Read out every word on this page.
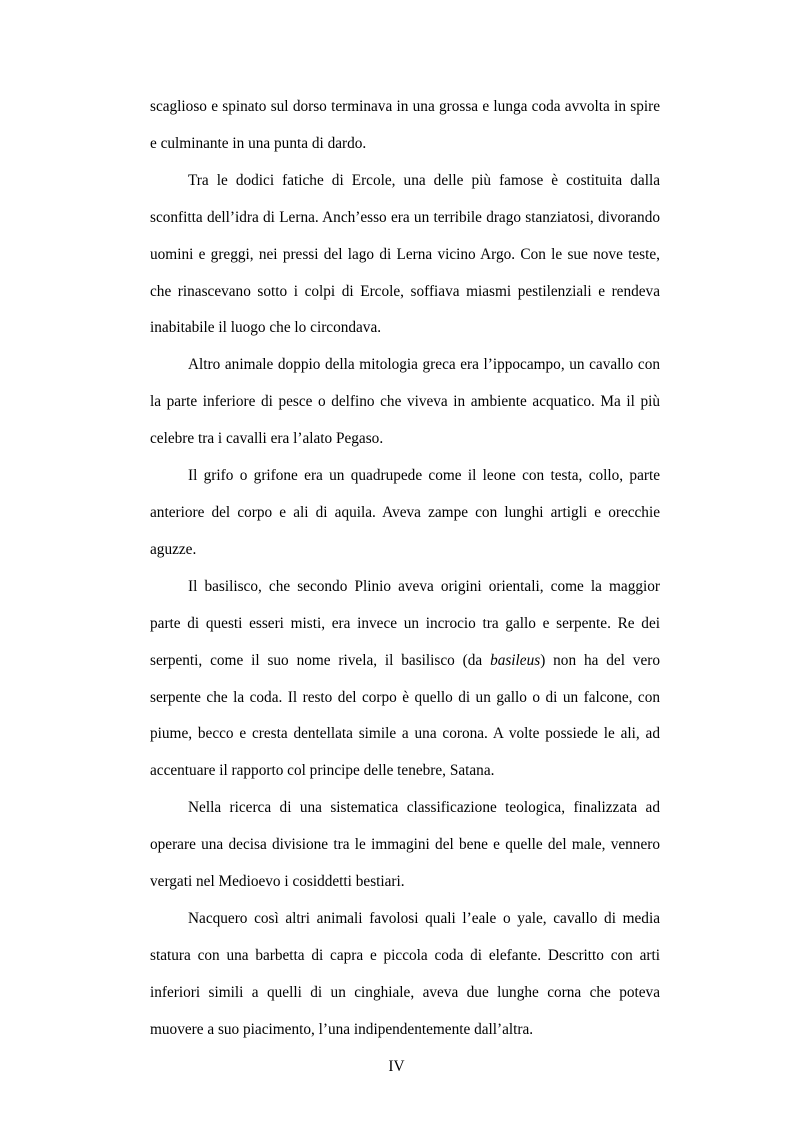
scaglioso e spinato sul dorso terminava in una grossa e lunga coda avvolta in spire e culminante in una punta di dardo.

Tra le dodici fatiche di Ercole, una delle più famose è costituita dalla sconfitta dell’idra di Lerna. Anch’esso era un terribile drago stanziatosi, divorando uomini e greggi, nei pressi del lago di Lerna vicino Argo. Con le sue nove teste, che rinascevano sotto i colpi di Ercole, soffiava miasmi pestilenziali e rendeva inabitabile il luogo che lo circondava.

Altro animale doppio della mitologia greca era l’ippocampo, un cavallo con la parte inferiore di pesce o delfino che viveva in ambiente acquatico. Ma il più celebre tra i cavalli era l’alato Pegaso.

Il grifo o grifone era un quadrupede come il leone con testa, collo, parte anteriore del corpo e ali di aquila. Aveva zampe con lunghi artigli e orecchie aguzze.

Il basilisco, che secondo Plinio aveva origini orientali, come la maggior parte di questi esseri misti, era invece un incrocio tra gallo e serpente. Re dei serpenti, come il suo nome rivela, il basilisco (da basileus) non ha del vero serpente che la coda. Il resto del corpo è quello di un gallo o di un falcone, con piume, becco e cresta dentellata simile a una corona. A volte possiede le ali, ad accentuare il rapporto col principe delle tenebre, Satana.

Nella ricerca di una sistematica classificazione teologica, finalizzata ad operare una decisa divisione tra le immagini del bene e quelle del male, vennero vergati nel Medioevo i cosiddetti bestiari.

Nacquero così altri animali favolosi quali l’eale o yale, cavallo di media statura con una barbetta di capra e piccola coda di elefante. Descritto con arti inferiori simili a quelli di un cinghiale, aveva due lunghe corna che poteva muovere a suo piacimento, l’una indipendentemente dall’altra.

IV
